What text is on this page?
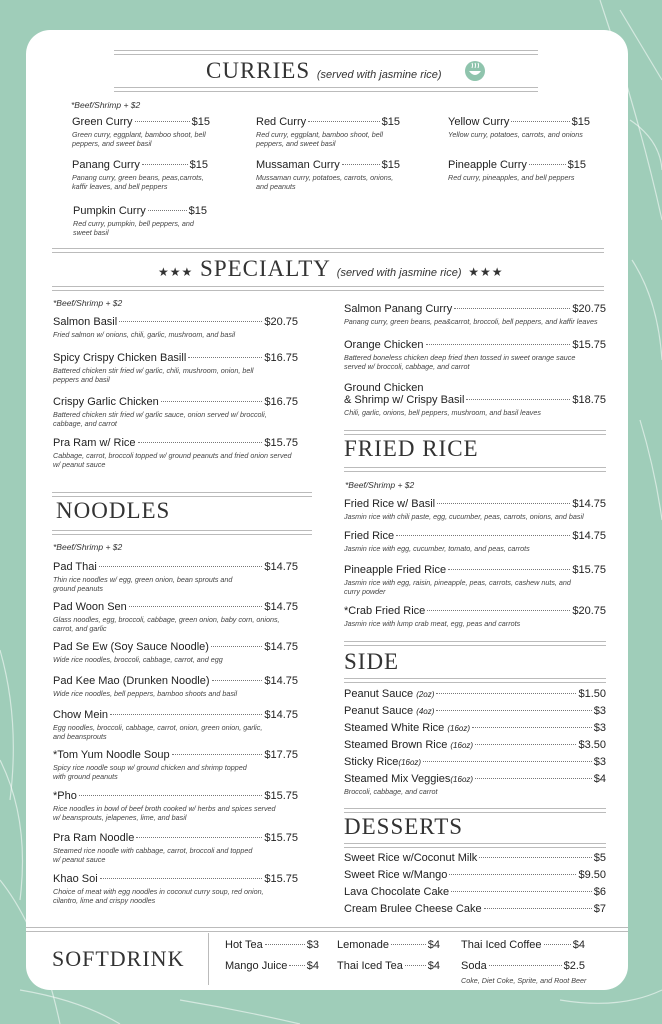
CURRIES (served with jasmine rice)
*Beef/Shrimp + $2
Green Curry	$15
Green curry, eggplant, bamboo shoot, bell peppers, and sweet basil
Red Curry	$15
Red curry, eggplant, bamboo shoot, bell peppers, and sweet basil
Yellow Curry	$15
Yellow curry, potatoes, carrots, and onions
Panang Curry	$15
Panang curry, green beans, peas,carrots, kaffir leaves, and bell peppers
Mussaman Curry	$15
Mussaman curry, potatoes, carrots, onions, and peanuts
Pineapple Curry	$15
Red curry, pineapples, and bell peppers
Pumpkin Curry	$15
Red curry, pumpkin, bell peppers, and sweet basil
★★★ SPECIALTY (served with jasmine rice) ★★★
*Beef/Shrimp + $2
Salmon Basil	$20.75
Fried salmon w/ onions, chili, garlic, mushroom, and basil
Spicy Crispy Chicken Basill	$16.75
Battered chicken stir fried w/ garlic, chili, mushroom, onion, bell peppers and basil
Crispy Garlic Chicken	$16.75
Battered chicken stir fried w/ garlic sauce, onion served w/ broccoli, cabbage, and carrot
Pra Ram w/ Rice	$15.75
Cabbage, carrot, broccoli topped w/ ground peanuts and fried onion served w/ peanut sauce
Salmon Panang Curry	$20.75
Panang curry, green beans, pea&carrot, broccoli, bell peppers, and kaffir leaves
Orange Chicken	$15.75
Battered boneless chicken deep fried then tossed in sweet orange sauce served w/ broccoli, cabbage, and carrot
Ground Chicken
& Shrimp w/ Crispy Basil	$18.75
Chili, garlic, onions, bell peppers, mushroom, and basil leaves
NOODLES
*Beef/Shrimp + $2
Pad Thai	$14.75
Thin rice noodles w/ egg, green onion, bean sprouts and ground peanuts
Pad Woon Sen	$14.75
Glass noodles, egg, broccoli, cabbage, green onion, baby corn, onions, carrot, and garlic
Pad Se Ew (Soy Sauce Noodle)	$14.75
Wide rice noodles, broccoli, cabbage, carrot, and egg
Pad Kee Mao (Drunken Noodle)	$14.75
Wide rice noodles, bell peppers, bamboo shoots and basil
Chow Mein	$14.75
Egg noodles, broccoli, cabbage, carrot, onion, green onion, garlic, and beansprouts
*Tom Yum Noodle Soup	$17.75
Spicy rice noodle soup w/ ground chicken and shrimp topped with ground peanuts
*Pho	$15.75
Rice noodles in bowl of beef broth cooked w/ herbs and spices served w/ beansprouts, jelapenes, lime, and basil
Pra Ram Noodle	$15.75
Steamed rice noodle with cabbage, carrot, broccoli and topped w/ peanut sauce
Khao Soi	$15.75
Choice of meat with egg noodles in coconut curry soup, red onion, cilantro, lime and crispy noodles
FRIED RICE
*Beef/Shrimp + $2
Fried Rice w/ Basil	$14.75
Jasmin rice with chili paste, egg, cucumber, peas, carrots, onions, and basil
Fried Rice	$14.75
Jasmin rice with egg, cucumber, tomato, and peas, carrots
Pineapple Fried Rice	$15.75
Jasmin rice with egg, raisin, pineapple, peas, carrots, cashew nuts, and curry powder
*Crab Fried Rice	$20.75
Jasmin rice with lump crab meat, egg, peas and carrots
SIDE
Peanut Sauce (2oz)	$1.50
Peanut Sauce (4oz)	$3
Steamed White Rice (16oz)	$3
Steamed Brown Rice (16oz)	$3.50
Sticky Rice(16oz)	$3
Steamed Mix Veggies(16oz)	$4
Broccoli, cabbage, and carrot
DESSERTS
Sweet Rice w/Coconut Milk	$5
Sweet Rice w/Mango	$9.50
Lava Chocolate Cake	$6
Cream Brulee Cheese Cake	$7
SOFTDRINK
Hot Tea	$3
Mango Juice $4
Lemonade	$4
Thai Iced Tea $4
Thai Iced Coffee	$4
Soda	$2.5
Coke, Diet Coke, Sprite, and Root Beer
